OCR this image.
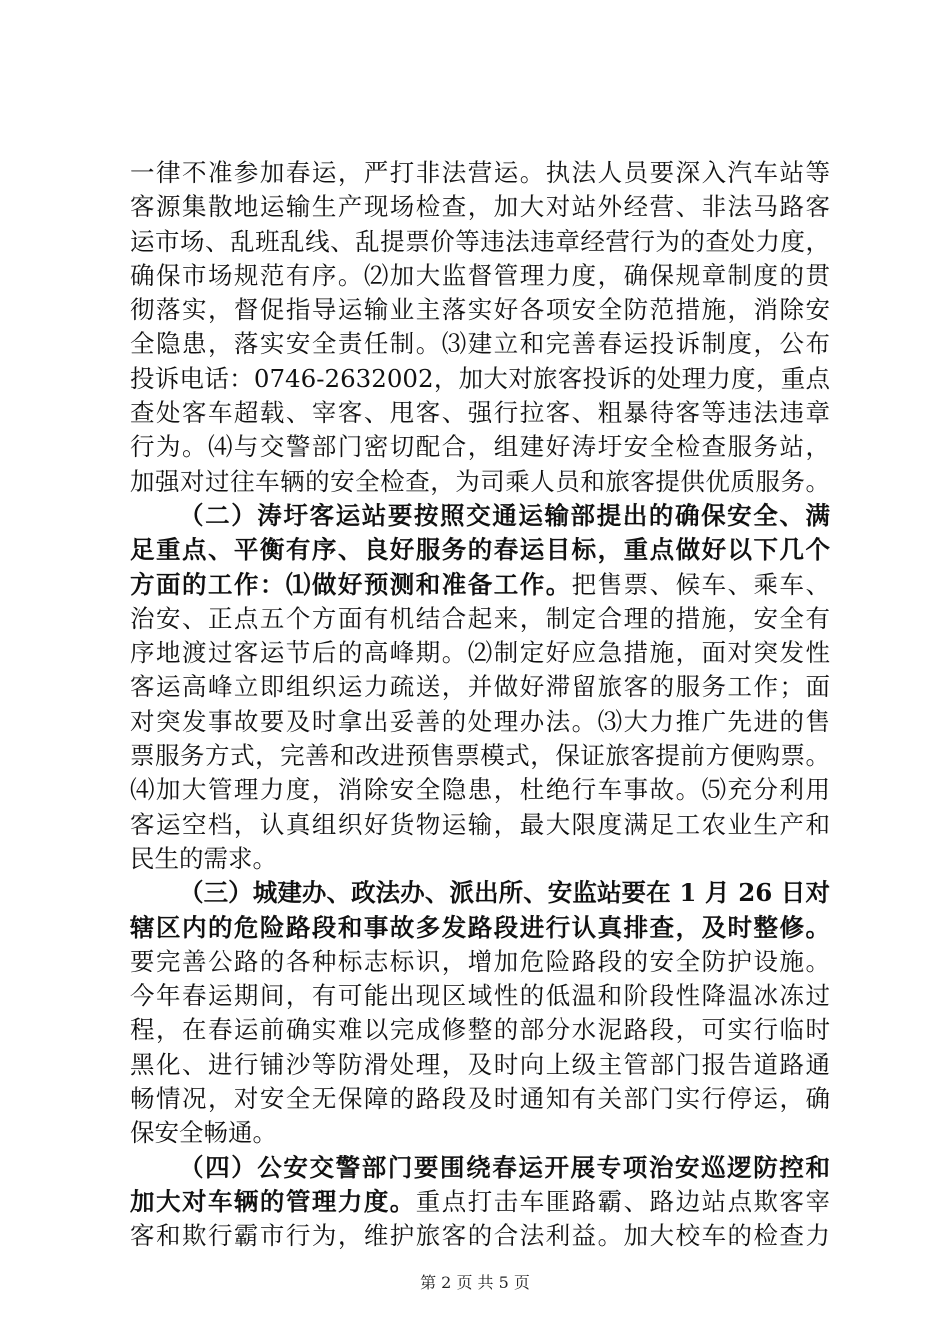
一律不准参加春运，严打非法营运。执法人员要深入汽车站等
客源集散地运输生产现场检查，加大对站外经营、非法马路客
运市场、乱班乱线、乱提票价等违法违章经营行为的查处力度，
确保市场规范有序。⑵加大监督管理力度，确保规章制度的贯
彻落实，督促指导运输业主落实好各项安全防范措施，消除安
全隐患，落实安全责任制。⑶建立和完善春运投诉制度，公布
投诉电话：0746-2632002，加大对旅客投诉的处理力度，重点
查处客车超载、宰客、甩客、强行拉客、粗暴待客等违法违章
行为。⑷与交警部门密切配合，组建好涛圩安全检查服务站，
加强对过往车辆的安全检查，为司乘人员和旅客提供优质服务。
（二）涛圩客运站要按照交通运输部提出的确保安全、满
足重点、平衡有序、良好服务的春运目标，重点做好以下几个
方面的工作：⑴做好预测和准备工作。把售票、候车、乘车、
治安、正点五个方面有机结合起来，制定合理的措施，安全有
序地渡过客运节后的高峰期。⑵制定好应急措施，面对突发性
客运高峰立即组织运力疏送，并做好滞留旅客的服务工作；面
对突发事故要及时拿出妥善的处理办法。⑶大力推广先进的售
票服务方式，完善和改进预售票模式，保证旅客提前方便购票。
⑷加大管理力度，消除安全隐患，杜绝行车事故。⑸充分利用
客运空档，认真组织好货物运输，最大限度满足工农业生产和
民生的需求。
（三）城建办、政法办、派出所、安监站要在 1 月 26 日对
辖区内的危险路段和事故多发路段进行认真排查，及时整修。
要完善公路的各种标志标识，增加危险路段的安全防护设施。
今年春运期间，有可能出现区域性的低温和阶段性降温冰冻过
程，在春运前确实难以完成修整的部分水泥路段，可实行临时
黑化、进行铺沙等防滑处理，及时向上级主管部门报告道路通
畅情况，对安全无保障的路段及时通知有关部门实行停运，确
保安全畅通。
（四）公安交警部门要围绕春运开展专项治安巡逻防控和
加大对车辆的管理力度。重点打击车匪路霸、路边站点欺客宰
客和欺行霸市行为，维护旅客的合法利益。加大校车的检查力
第 2 页 共 5 页
